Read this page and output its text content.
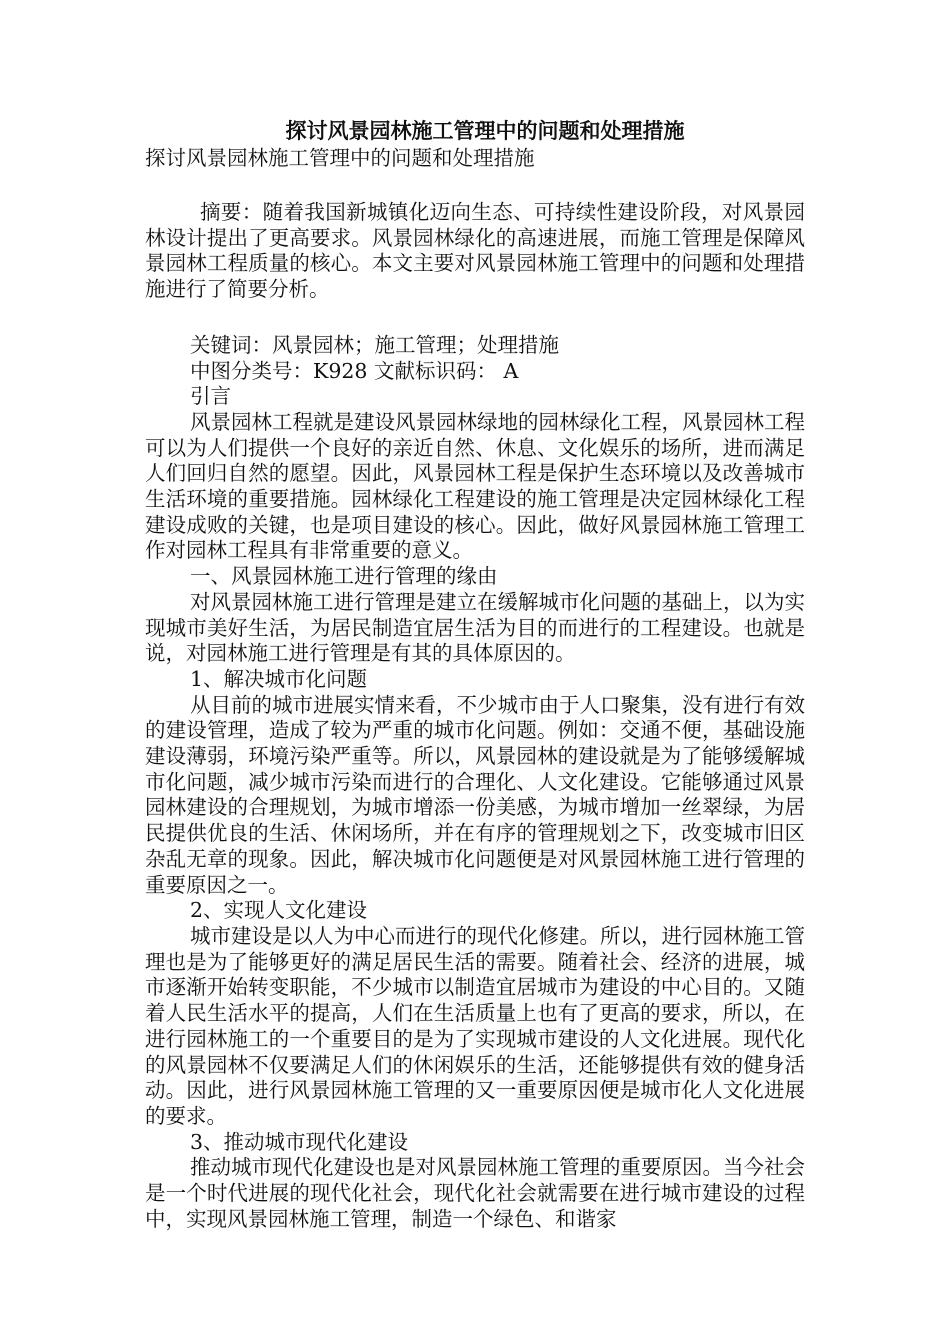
探讨风景园林施工管理中的问题和处理措施

探讨风景园林施工管理中的问题和处理措施

摘要：随着我国新城镇化迈向生态、可持续性建设阶段，对风景园林设计提出了更高要求。风景园林绿化的高速进展，而施工管理是保障风景园林工程质量的核心。本文主要对风景园林施工管理中的问题和处理措施进行了简要分析。

关键词：风景园林；施工管理；处理措施

中图分类号：K928 文献标识码： A

引言

风景园林工程就是建设风景园林绿地的园林绿化工程，风景园林工程可以为人们提供一个良好的亲近自然、休息、文化娱乐的场所，进而满足人们回归自然的愿望。因此，风景园林工程是保护生态环境以及改善城市生活环境的重要措施。园林绿化工程建设的施工管理是决定园林绿化工程建设成败的关键，也是项目建设的核心。因此，做好风景园林施工管理工作对园林工程具有非常重要的意义。

一、风景园林施工进行管理的缘由

对风景园林施工进行管理是建立在缓解城市化问题的基础上，以为实现城市美好生活，为居民制造宜居生活为目的而进行的工程建设。也就是说，对园林施工进行管理是有其的具体原因的。

1、解决城市化问题

从目前的城市进展实情来看，不少城市由于人口聚集，没有进行有效的建设管理，造成了较为严重的城市化问题。例如：交通不便，基础设施建设薄弱，环境污染严重等。所以，风景园林的建设就是为了能够缓解城市化问题，减少城市污染而进行的合理化、人文化建设。它能够通过风景园林建设的合理规划，为城市增添一份美感，为城市增加一丝翠绿，为居民提供优良的生活、休闲场所，并在有序的管理规划之下，改变城市旧区杂乱无章的现象。因此，解决城市化问题便是对风景园林施工进行管理的重要原因之一。

2、实现人文化建设

城市建设是以人为中心而进行的现代化修建。所以，进行园林施工管理也是为了能够更好的满足居民生活的需要。随着社会、经济的进展，城市逐渐开始转变职能，不少城市以制造宜居城市为建设的中心目的。又随着人民生活水平的提高，人们在生活质量上也有了更高的要求，所以，在进行园林施工的一个重要目的是为了实现城市建设的人文化进展。现代化的风景园林不仅要满足人们的休闲娱乐的生活，还能够提供有效的健身活动。因此，进行风景园林施工管理的又一重要原因便是城市化人文化进展的要求。

3、推动城市现代化建设

推动城市现代化建设也是对风景园林施工管理的重要原因。当今社会是一个时代进展的现代化社会，现代化社会就需要在进行城市建设的过程中，实现风景园林施工管理，制造一个绿色、和谐家
